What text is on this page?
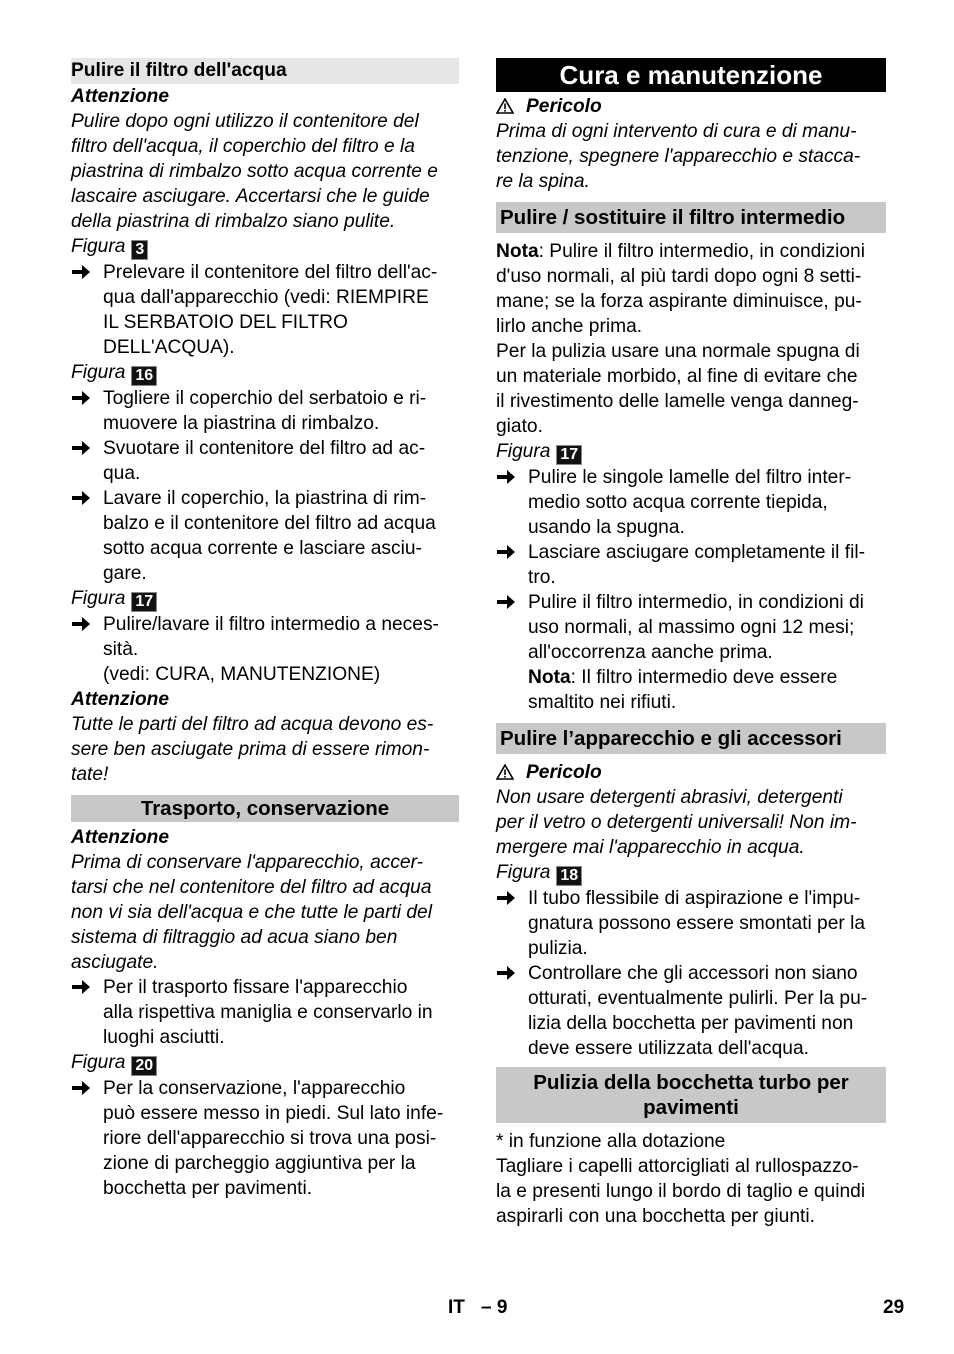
Pulire il filtro dell'acqua
Attenzione
Pulire dopo ogni utilizzo il contenitore del
filtro dell'acqua, il coperchio del filtro e la
piastrina di rimbalzo sotto acqua corrente e
lascaire asciugare. Accertarsi che le guide
della piastrina di rimbalzo siano pulite.
Figura 3
Prelevare il contenitore del filtro dell'ac-
qua dall'apparecchio (vedi: RIEMPIRE
IL SERBATOIO DEL FILTRO
DELL'ACQUA).
Figura 16
Togliere il coperchio del serbatoio e ri-
muovere la piastrina di rimbalzo.
Svuotare il contenitore del filtro ad ac-
qua.
Lavare il coperchio, la piastrina di rim-
balzo e il contenitore del filtro ad acqua
sotto acqua corrente e lasciare asciu-
gare.
Figura 17
Pulire/lavare il filtro intermedio a neces-
sità.
(vedi: CURA, MANUTENZIONE)
Attenzione
Tutte le parti del filtro ad acqua devono es-
sere ben asciugate prima di essere rimon-
tate!
Trasporto, conservazione
Attenzione
Prima di conservare l'apparecchio, accer-
tarsi che nel contenitore del filtro ad acqua
non vi sia dell'acqua e che tutte le parti del
sistema di filtraggio ad acua siano ben
asciugate.
Per il trasporto fissare l'apparecchio
alla rispettiva maniglia e conservarlo in
luoghi asciutti.
Figura 20
Per la conservazione, l'apparecchio
può essere messo in piedi. Sul lato infe-
riore dell'apparecchio si trova una posi-
zione di parcheggio aggiuntiva per la
bocchetta per pavimenti.
Cura e manutenzione
Pericolo
Prima di ogni intervento di cura e di manu-
tenzione, spegnere l'apparecchio e stacca-
re la spina.
Pulire / sostituire il filtro intermedio
Nota: Pulire il filtro intermedio, in condizioni
d'uso normali, al più tardi dopo ogni 8 setti-
mane; se la forza aspirante diminuisce, pu-
lirlo anche prima.
Per la pulizia usare una normale spugna di
un materiale morbido, al fine di evitare che
il rivestimento delle lamelle venga danneg-
giato.
Figura 17
Pulire le singole lamelle del filtro inter-
medio sotto acqua corrente tiepida,
usando la spugna.
Lasciare asciugare completamente il fil-
tro.
Pulire il filtro intermedio, in condizioni di
uso normali, al massimo ogni 12 mesi;
all'occorrenza aanche prima.
Nota: Il filtro intermedio deve essere
smaltito nei rifiuti.
Pulire l’apparecchio e gli accessori
Pericolo
Non usare detergenti abrasivi, detergenti
per il vetro o detergenti universali! Non im-
mergere mai l'apparecchio in acqua.
Figura 18
Il tubo flessibile di aspirazione e l'impu-
gnatura possono essere smontati per la
pulizia.
Controllare che gli accessori non siano
otturati, eventualmente pulirli. Per la pu-
lizia della bocchetta per pavimenti non
deve essere utilizzata dell'acqua.
Pulizia della bocchetta turbo per
pavimenti
* in funzione alla dotazione
Tagliare i capelli attorcigliati al rullospazzo-
la e presenti lungo il bordo di taglio e quindi
aspirarli con una bocchetta per giunti.
IT – 9	29
